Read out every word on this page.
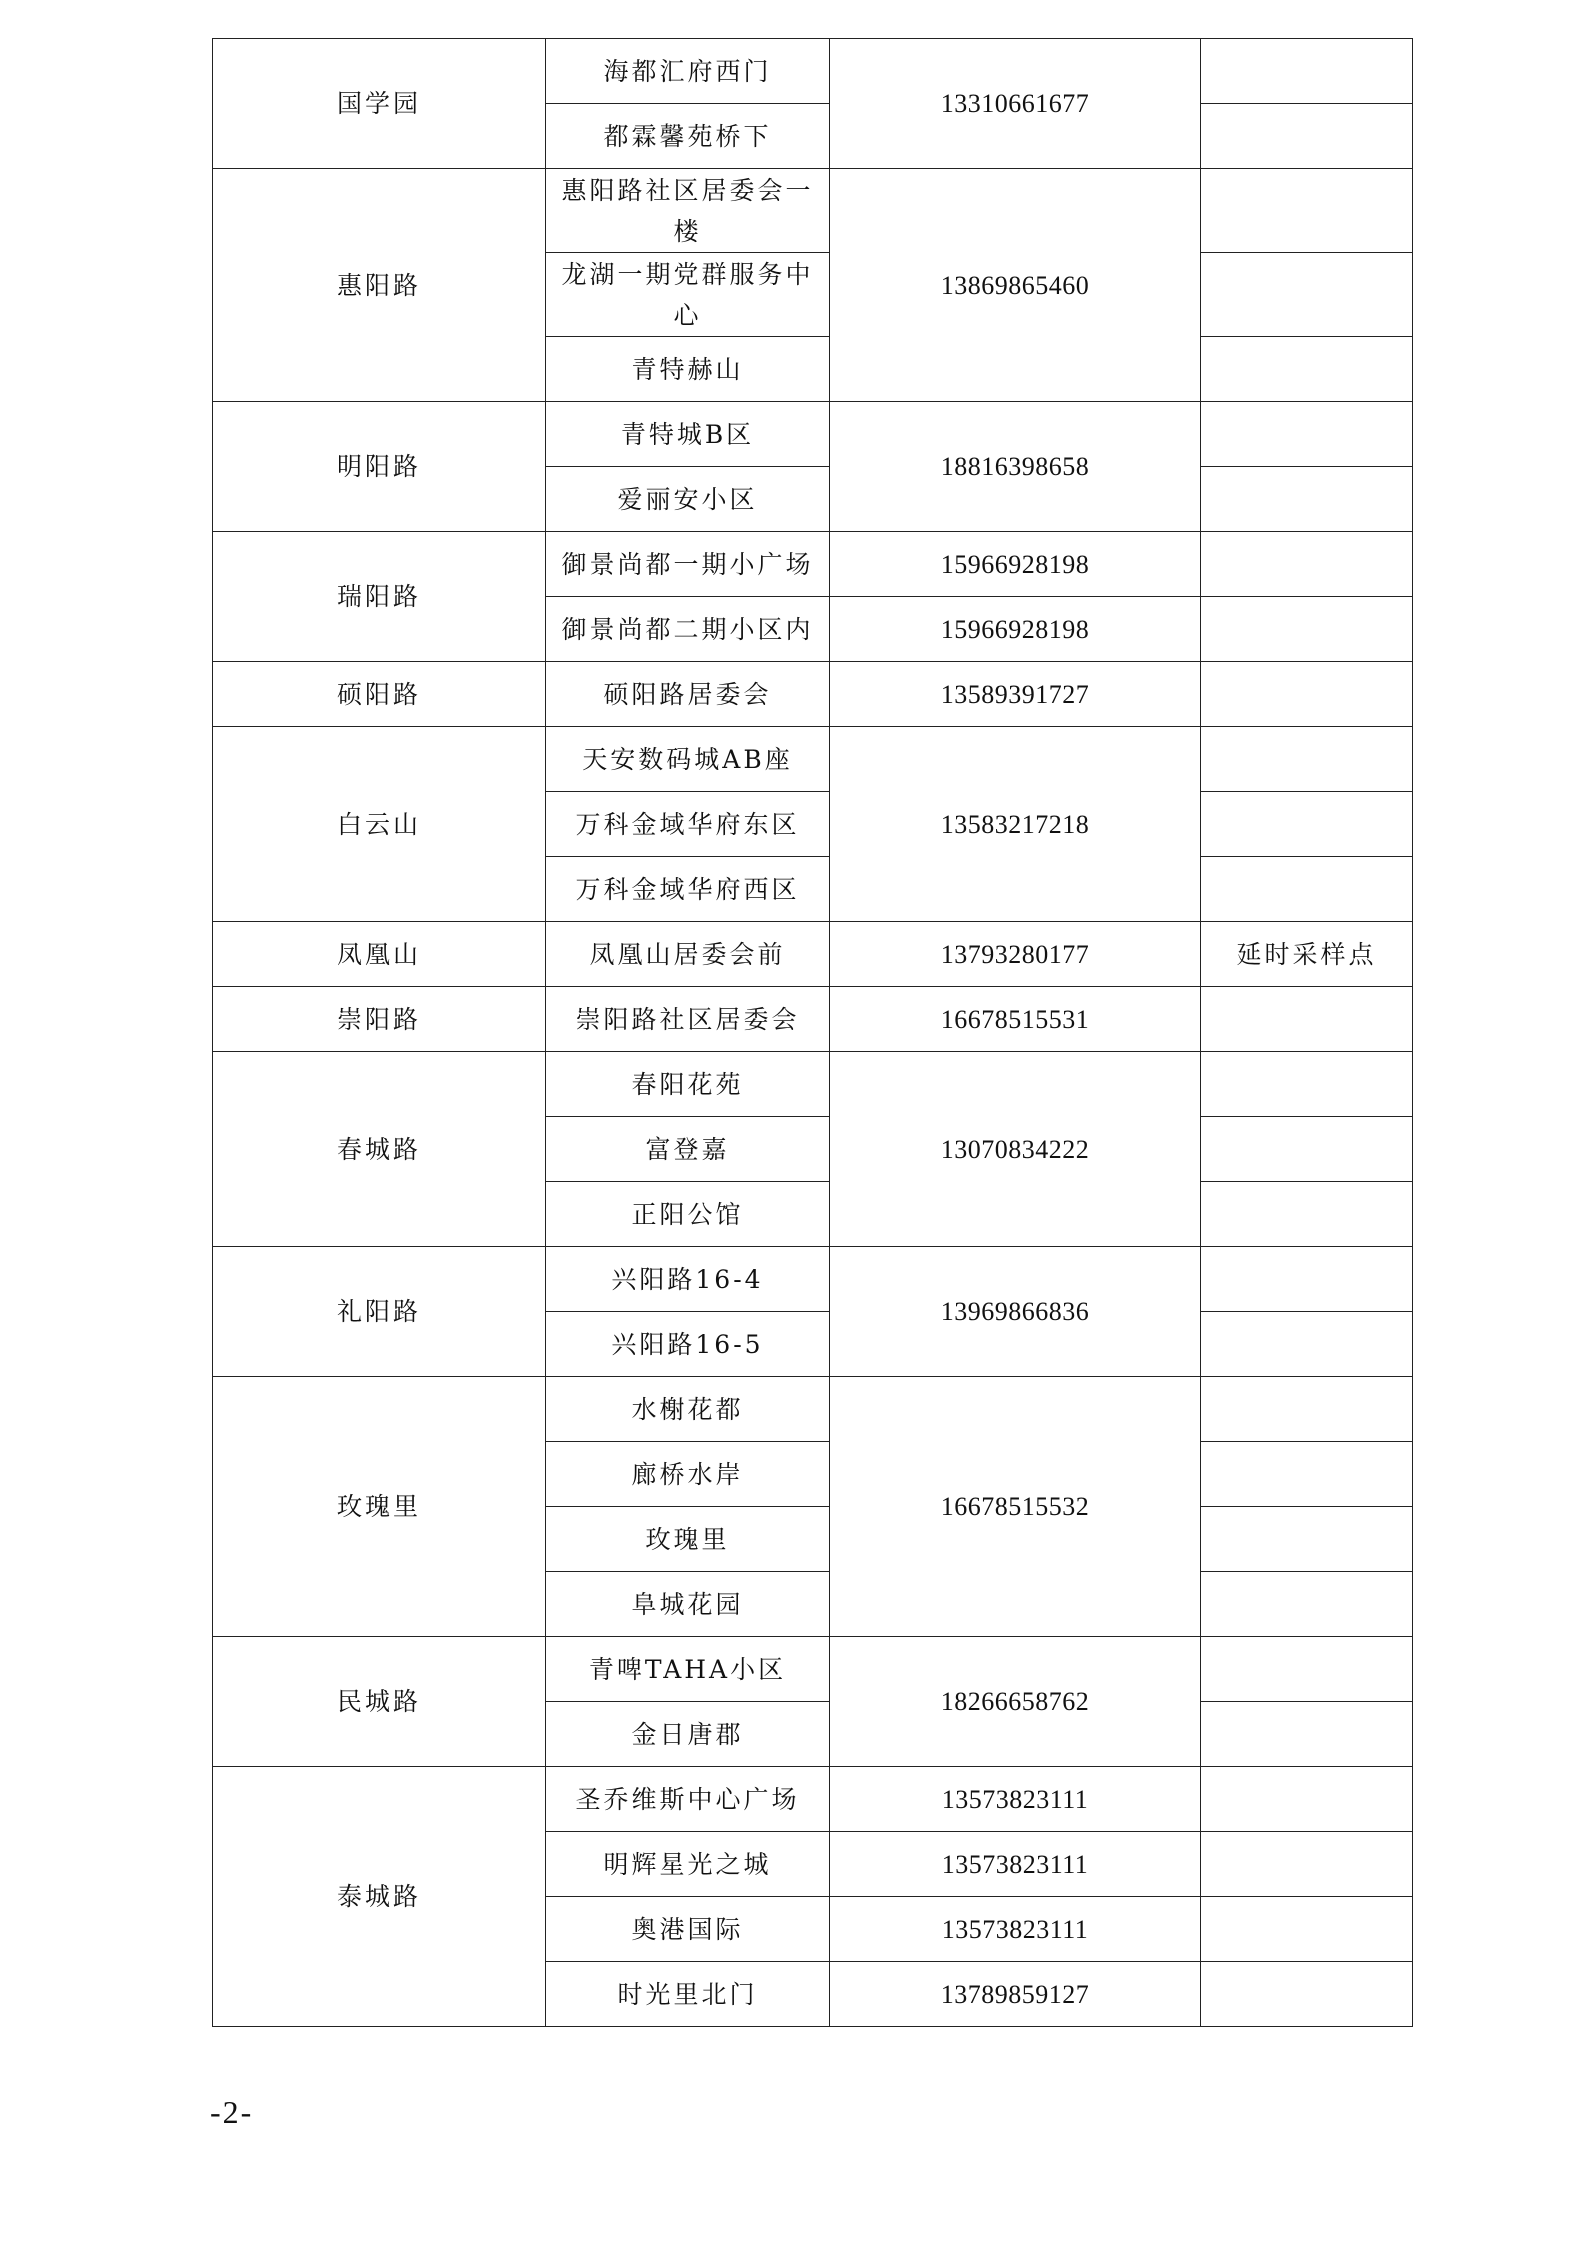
国学园	海都汇府西门	13310661677	
	都霖馨苑桥下		
惠阳路	惠阳路社区居委会一楼	13869865460	
	龙湖一期党群服务中心		
	青特赫山		
明阳路	青特城B区	18816398658	
	爱丽安小区		
瑞阳路	御景尚都一期小广场	15966928198	
	御景尚都二期小区内	15966928198	
硕阳路	硕阳路居委会	13589391727	
白云山	天安数码城AB座	13583217218	
	万科金域华府东区		
	万科金域华府西区		
凤凰山	凤凰山居委会前	13793280177	延时采样点
崇阳路	崇阳路社区居委会	16678515531	
春城路	春阳花苑	13070834222	
	富登嘉		
	正阳公馆		
礼阳路	兴阳路16-4	13969866836	
	兴阳路16-5		
玫瑰里	水榭花都	16678515532	
	廊桥水岸		
	玫瑰里		
	阜城花园		
民城路	青啤TAHA小区	18266658762	
	金日唐郡		
泰城路	圣乔维斯中心广场	13573823111	
	明辉星光之城	13573823111	
	奥港国际	13573823111	
	时光里北门	13789859127	
-2-
